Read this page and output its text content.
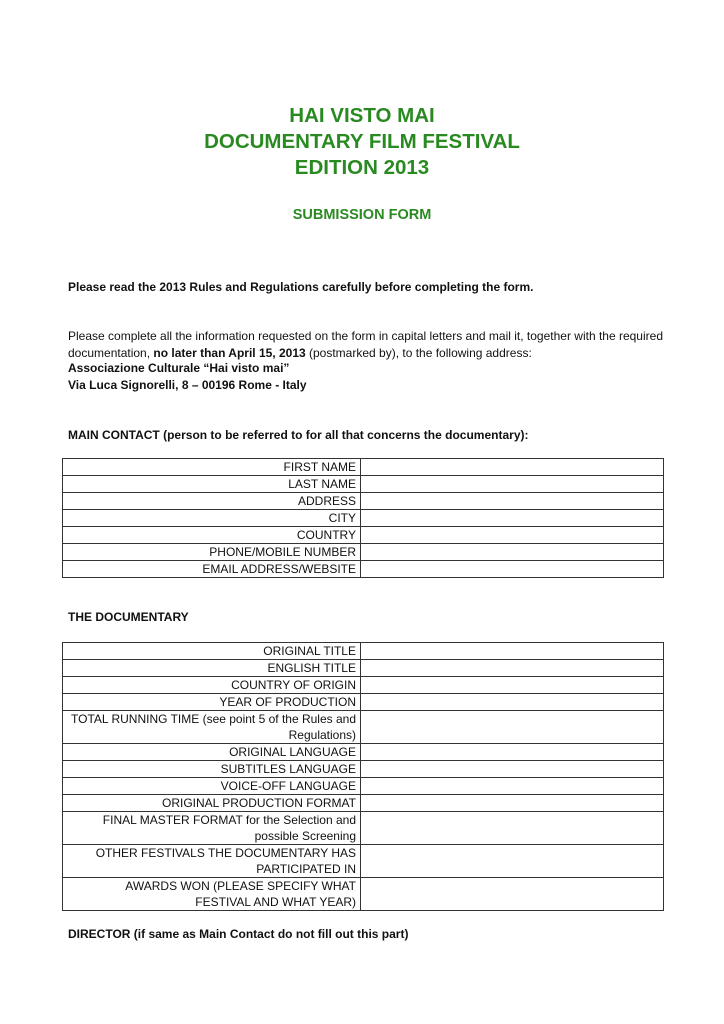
HAI VISTO MAI

DOCUMENTARY FILM FESTIVAL

EDITION 2013

SUBMISSION FORM
Please read the 2013 Rules and Regulations carefully before completing the form.
Please complete all the information requested on the form in capital letters and mail it, together with the required documentation, no later than April 15, 2013 (postmarked by), to the following address:
Associazione Culturale “Hai visto mai”
Via Luca Signorelli, 8 – 00196 Rome - Italy
MAIN CONTACT (person to be referred to for all that concerns the documentary):
FIRST NAME	
LAST NAME	
ADDRESS	
CITY	
COUNTRY	
PHONE/MOBILE NUMBER	
EMAIL ADDRESS/WEBSITE	
THE DOCUMENTARY
ORIGINAL TITLE	
ENGLISH TITLE	
COUNTRY OF ORIGIN	
YEAR OF PRODUCTION	
TOTAL RUNNING TIME (see point 5 of the Rules and Regulations)	
ORIGINAL LANGUAGE	
SUBTITLES LANGUAGE	
VOICE-OFF LANGUAGE	
ORIGINAL PRODUCTION FORMAT	
FINAL MASTER FORMAT for the Selection and possible Screening	
OTHER FESTIVALS THE DOCUMENTARY HAS PARTICIPATED IN	
AWARDS WON (PLEASE SPECIFY WHAT FESTIVAL AND WHAT YEAR)	
DIRECTOR (if same as Main Contact do not fill out this part)
